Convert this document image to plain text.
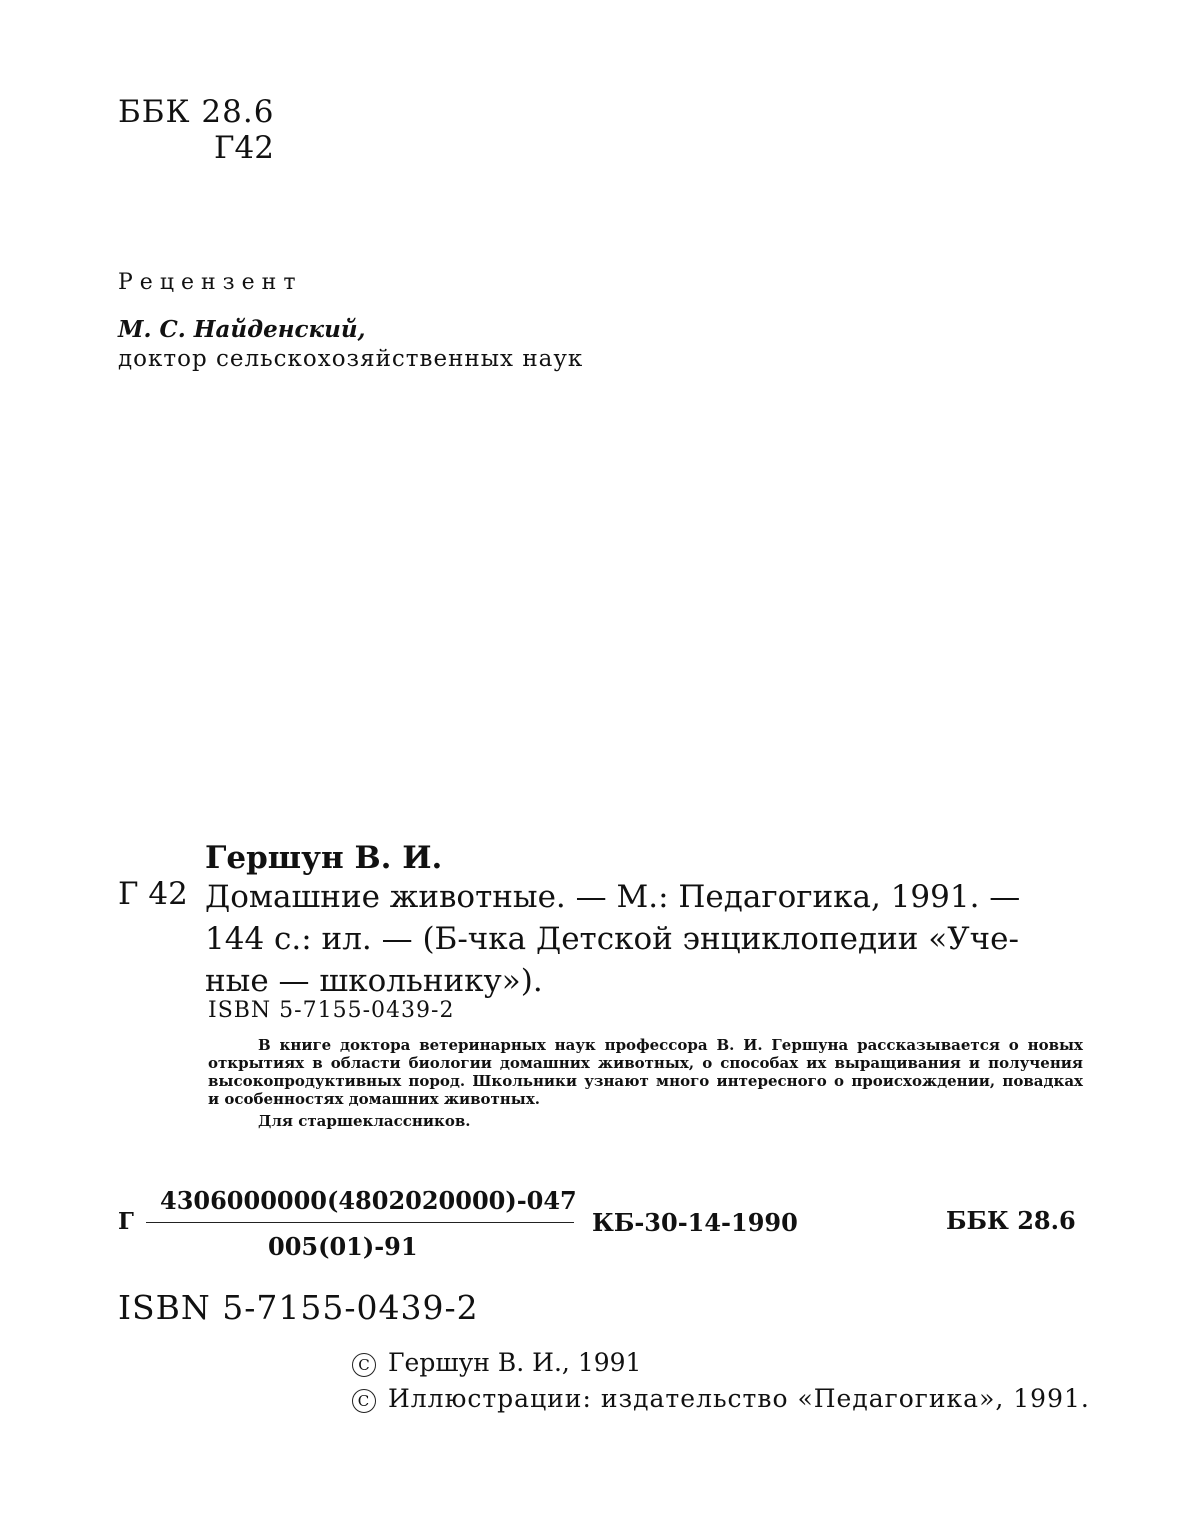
ББК 28.6
Г42
Рецензент
М. С. Найденский,
доктор сельскохозяйственных наук
Гершун В. И.
Г 42 Домашние животные. — М.: Педагогика, 1991. —
144 с.: ил. — (Б-чка Детской энциклопедии «Уче-
ные — школьнику»).
ISBN 5-7155-0439-2
В книге доктора ветеринарных наук профессора В. И. Гершуна рассказывается о новых открытиях в области биологии домашних животных, о способах их выращивания и получения высокопродуктивных пород. Школьники узнают много интересного о происхождении, повадках и особенностях домашних животных.
Для старшеклассников.
Г
4306000000(4802020000)-047
005(01)-91
КБ-30-14-1990	ББК 28.6
ISBN 5-7155-0439-2
C Гершун В. И., 1991
C Иллюстрации: издательство «Педагогика», 1991.
